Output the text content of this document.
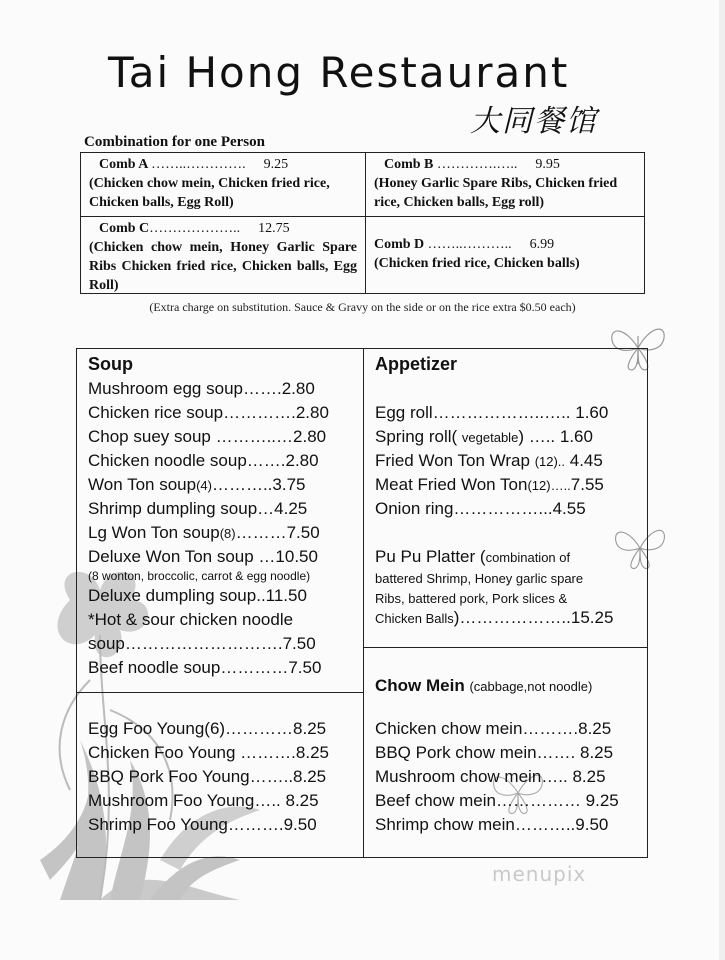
Tai Hong Restaurant
大同餐馆
Combination for one Person
Comb A ……..…………. 9.25
(Chicken chow mein, Chicken fried rice, Chicken balls, Egg Roll)
Comb B ………….….. 9.95
(Honey Garlic Spare Ribs, Chicken fried rice, Chicken balls, Egg roll)
Comb C……………….. 12.75
(Chicken chow mein, Honey Garlic Spare Ribs Chicken fried rice, Chicken balls, Egg Roll)
Comb D ……..……….. 6.99
(Chicken fried rice, Chicken balls)
(Extra charge on substitution. Sauce & Gravy on the side or on the rice extra $0.50 each)
Soup
Mushroom egg soup…….2.80
Chicken rice soup………….2.80
Chop suey soup ………..…2.80
Chicken noodle soup…….2.80
Won Ton soup(4)………..3.75
Shrimp dumpling soup…4.25
Lg Won Ton soup(8)………7.50
Deluxe Won Ton soup …10.50
(8 wonton, broccolic, carrot & egg noodle)
Deluxe dumpling soup..11.50
*Hot & sour chicken noodle
soup……………………….7.50
Beef noodle soup…………7.50
Egg Foo Young(6)…………8.25
Chicken Foo Young ……….8.25
BBQ Pork Foo Young……..8.25
Mushroom Foo Young….. 8.25
Shrimp Foo Young……….9.50
Appetizer
Egg roll………………..….. 1.60
Spring roll( vegetable) ….. 1.60
Fried Won Ton Wrap (12).. 4.45
Meat Fried Won Ton(12)…..7.55
Onion ring……………...4.55
Pu Pu Platter (combination of
battered Shrimp, Honey garlic spare
Ribs, battered pork, Pork slices &
Chicken Balls)………………..15.25
Chow Mein (cabbage,not noodle)
Chicken chow mein……….8.25
BBQ Pork chow mein……. 8.25
Mushroom chow mein….. 8.25
Beef chow mein…………… 9.25
Shrimp chow mein………..9.50
menupix
